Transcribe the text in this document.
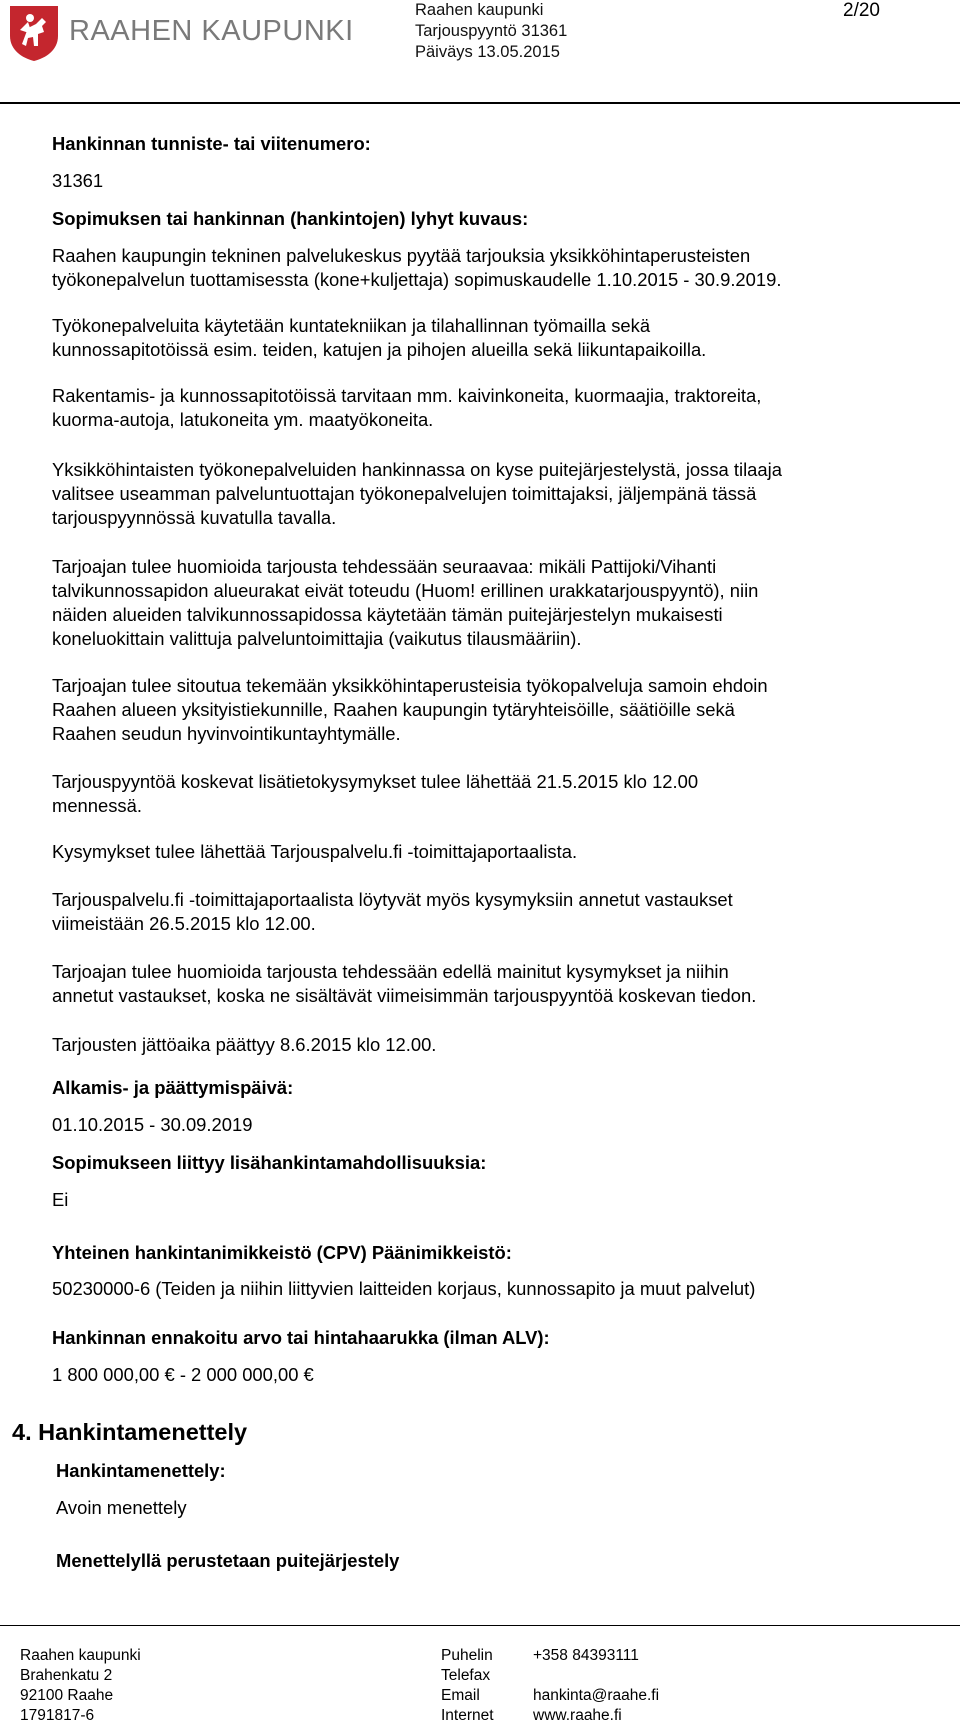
RAAHEN KAUPUNKI
Raahen kaupunki
Tarjouspyyntö 31361
Päiväys 13.05.2015
2/20
Hankinnan tunniste- tai viitenumero:
31361
Sopimuksen tai hankinnan (hankintojen) lyhyt kuvaus:
Raahen kaupungin tekninen palvelukeskus pyytää tarjouksia yksikköhintaperusteisten
työkonepalvelun tuottamisessta (kone+kuljettaja) sopimuskaudelle 1.10.2015 - 30.9.2019.
Työkonepalveluita käytetään kuntatekniikan ja tilahallinnan työmailla sekä
kunnossapitotöissä esim. teiden, katujen ja pihojen alueilla sekä liikuntapaikoilla.
Rakentamis- ja kunnossapitotöissä tarvitaan mm. kaivinkoneita, kuormaajia, traktoreita,
kuorma-autoja, latukoneita ym. maatyökoneita.
Yksikköhintaisten työkonepalveluiden hankinnassa on kyse puitejärjestelystä, jossa tilaaja
valitsee useamman palveluntuottajan työkonepalvelujen toimittajaksi, jäljempänä tässä
tarjouspyynnössä kuvatulla tavalla.
Tarjoajan tulee huomioida tarjousta tehdessään seuraavaa: mikäli Pattijoki/Vihanti
talvikunnossapidon alueurakat eivät toteudu (Huom! erillinen urakkatarjouspyyntö), niin
näiden alueiden talvikunnossapidossa käytetään tämän puitejärjestelyn mukaisesti
koneluokittain valittuja palveluntoimittajia (vaikutus tilausmääriin).
Tarjoajan tulee sitoutua tekemään yksikköhintaperusteisia työkopalveluja samoin ehdoin
Raahen alueen yksityistiekunnille, Raahen kaupungin tytäryhteisöille, säätiöille sekä
Raahen seudun hyvinvointikuntayhtymälle.
Tarjouspyyntöä koskevat lisätietokysymykset tulee lähettää 21.5.2015 klo 12.00
mennessä.
Kysymykset tulee lähettää Tarjouspalvelu.fi -toimittajaportaalista.
Tarjouspalvelu.fi -toimittajaportaalista löytyvät myös kysymyksiin annetut vastaukset
viimeistään 26.5.2015 klo 12.00.
Tarjoajan tulee huomioida tarjousta tehdessään edellä mainitut kysymykset ja niihin
annetut vastaukset, koska ne sisältävät viimeisimmän tarjouspyyntöä koskevan tiedon.
Tarjousten jättöaika päättyy 8.6.2015 klo 12.00.
Alkamis- ja päättymispäivä:
01.10.2015 - 30.09.2019
Sopimukseen liittyy lisähankintamahdollisuuksia:
Ei
Yhteinen hankintanimikkeistö (CPV) Päänimikkeistö:
50230000-6 (Teiden ja niihin liittyvien laitteiden korjaus, kunnossapito ja muut palvelut)
Hankinnan ennakoitu arvo tai hintahaarukka (ilman ALV):
1 800 000,00 € - 2 000 000,00 €
4. Hankintamenettely
Hankintamenettely:
Avoin menettely
Menettelyllä perustetaan puitejärjestely
Raahen kaupunki
Brahenkatu 2
92100 Raahe
1791817-6
Puhelin
Telefax
Email
Internet
+358 84393111

hankinta@raahe.fi
www.raahe.fi
